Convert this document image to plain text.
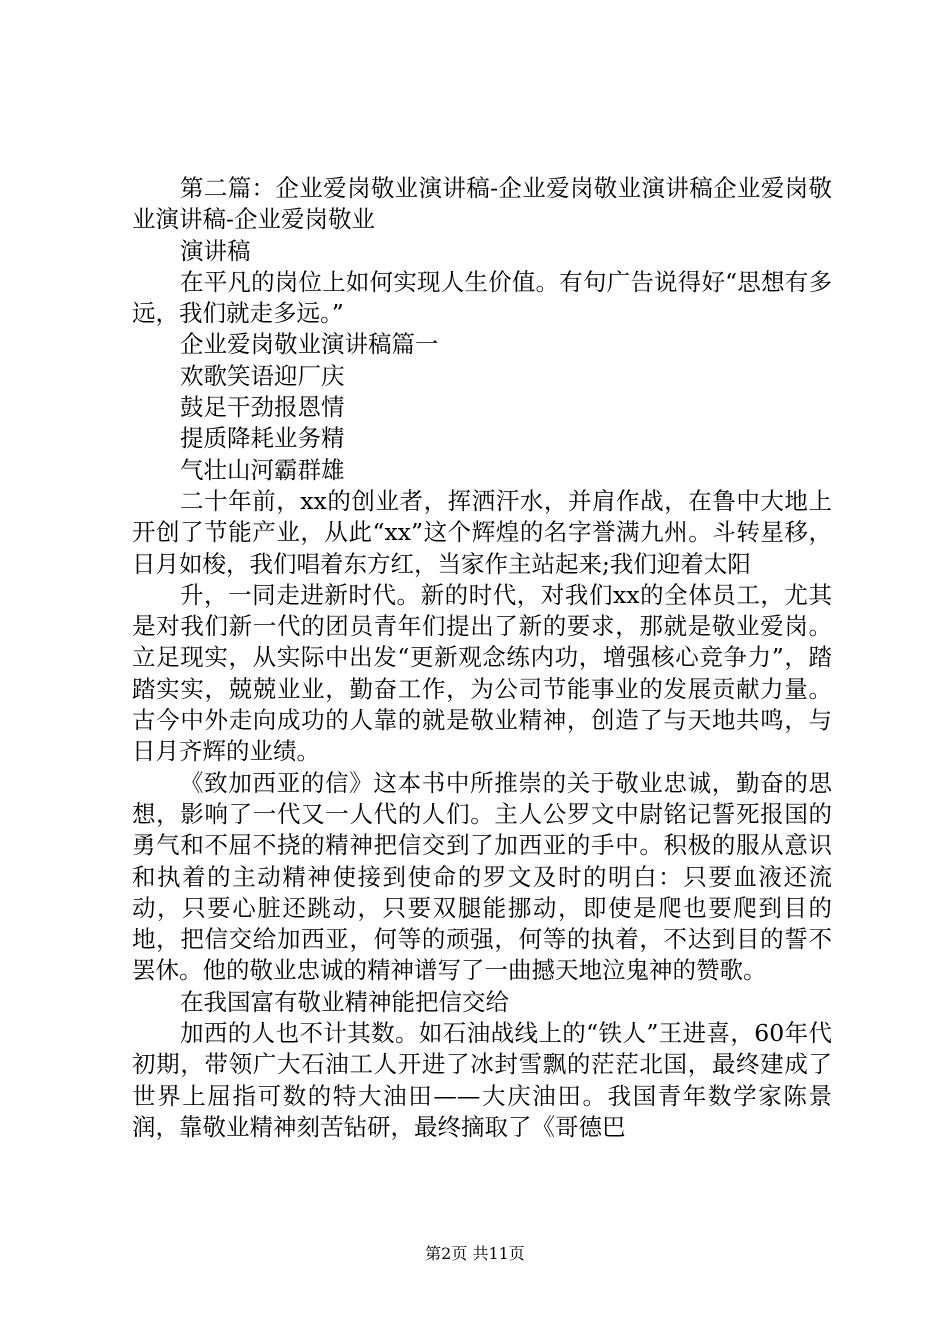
第二篇：企业爱岗敬业演讲稿-企业爱岗敬业演讲稿企业爱岗敬业演讲稿-企业爱岗敬业

演讲稿

在平凡的岗位上如何实现人生价值。有句广告说得好“思想有多远，我们就走多远。”

企业爱岗敬业演讲稿篇一

欢歌笑语迎厂庆

鼓足干劲报恩情

提质降耗业务精

气壮山河霸群雄

二十年前，xx的创业者，挥洒汗水，并肩作战，在鲁中大地上开创了节能产业，从此“xx”这个辉煌的名字誉满九州。斗转星移，日月如梭，我们唱着东方红，当家作主站起来;我们迎着太阳

升，一同走进新时代。新的时代，对我们xx的全体员工，尤其是对我们新一代的团员青年们提出了新的要求，那就是敬业爱岗。立足现实，从实际中出发“更新观念练内功，增强核心竞争力”，踏踏实实，兢兢业业，勤奋工作，为公司节能事业的发展贡献力量。古今中外走向成功的人靠的就是敬业精神，创造了与天地共鸣，与日月齐辉的业绩。

《致加西亚的信》这本书中所推崇的关于敬业忠诚，勤奋的思想，影响了一代又一人代的人们。主人公罗文中尉铭记誓死报国的勇气和不屈不挠的精神把信交到了加西亚的手中。积极的服从意识和执着的主动精神使接到使命的罗文及时的明白：只要血液还流动，只要心脏还跳动，只要双腿能挪动，即使是爬也要爬到目的地，把信交给加西亚，何等的顽强，何等的执着，不达到目的誓不罢休。他的敬业忠诚的精神谱写了一曲撼天地泣鬼神的赞歌。

在我国富有敬业精神能把信交给

加西的人也不计其数。如石油战线上的“铁人”王进喜，60年代初期，带领广大石油工人开进了冰封雪飘的茫茫北国，最终建成了世界上屈指可数的特大油田——大庆油田。我国青年数学家陈景润，靠敬业精神刻苦钻研，最终摘取了《哥德巴

第2页 共11页
